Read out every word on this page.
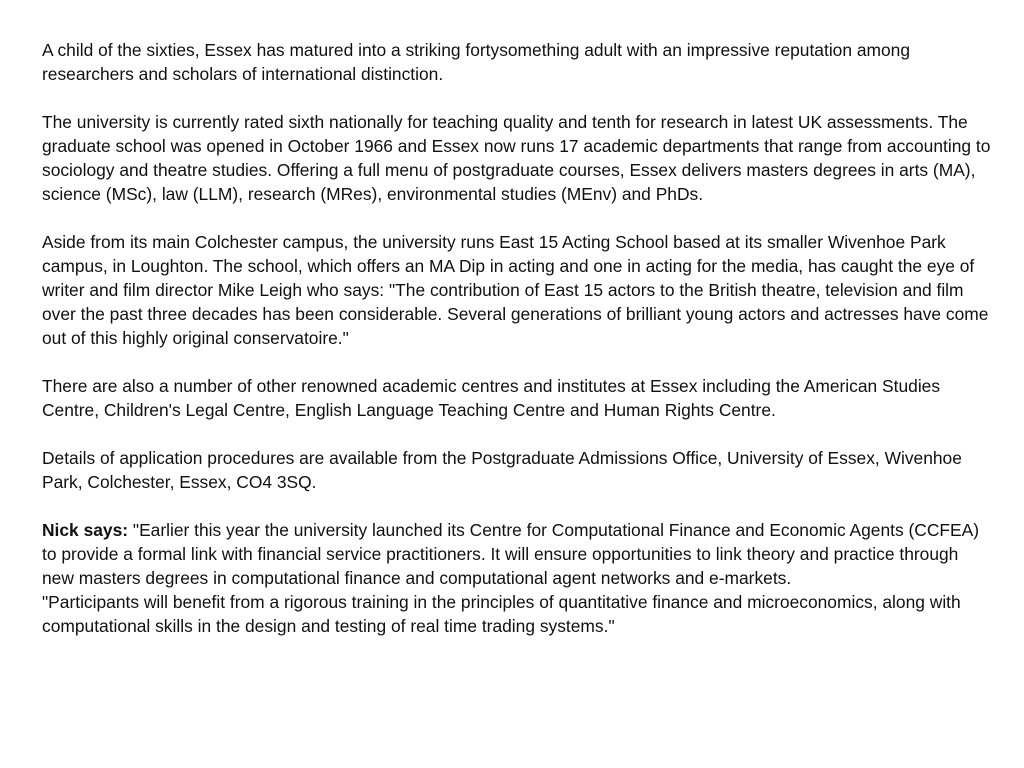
A child of the sixties, Essex has matured into a striking fortysomething adult with an impressive reputation among researchers and scholars of international distinction.

The university is currently rated sixth nationally for teaching quality and tenth for research in latest UK assessments. The graduate school was opened in October 1966 and Essex now runs 17 academic departments that range from accounting to sociology and theatre studies. Offering a full menu of postgraduate courses, Essex delivers masters degrees in arts (MA), science (MSc), law (LLM), research (MRes), environmental studies (MEnv) and PhDs.

Aside from its main Colchester campus, the university runs East 15 Acting School based at its smaller Wivenhoe Park campus, in Loughton. The school, which offers an MA Dip in acting and one in acting for the media, has caught the eye of writer and film director Mike Leigh who says: "The contribution of East 15 actors to the British theatre, television and film over the past three decades has been considerable. Several generations of brilliant young actors and actresses have come out of this highly original conservatoire."

There are also a number of other renowned academic centres and institutes at Essex including the American Studies Centre, Children's Legal Centre, English Language Teaching Centre and Human Rights Centre.

Details of application procedures are available from the Postgraduate Admissions Office, University of Essex, Wivenhoe Park, Colchester, Essex, CO4 3SQ.

Nick says: "Earlier this year the university launched its Centre for Computational Finance and Economic Agents (CCFEA) to provide a formal link with financial service practitioners. It will ensure opportunities to link theory and practice through new masters degrees in computational finance and computational agent networks and e-markets.
"Participants will benefit from a rigorous training in the principles of quantitative finance and microeconomics, along with computational skills in the design and testing of real time trading systems."
